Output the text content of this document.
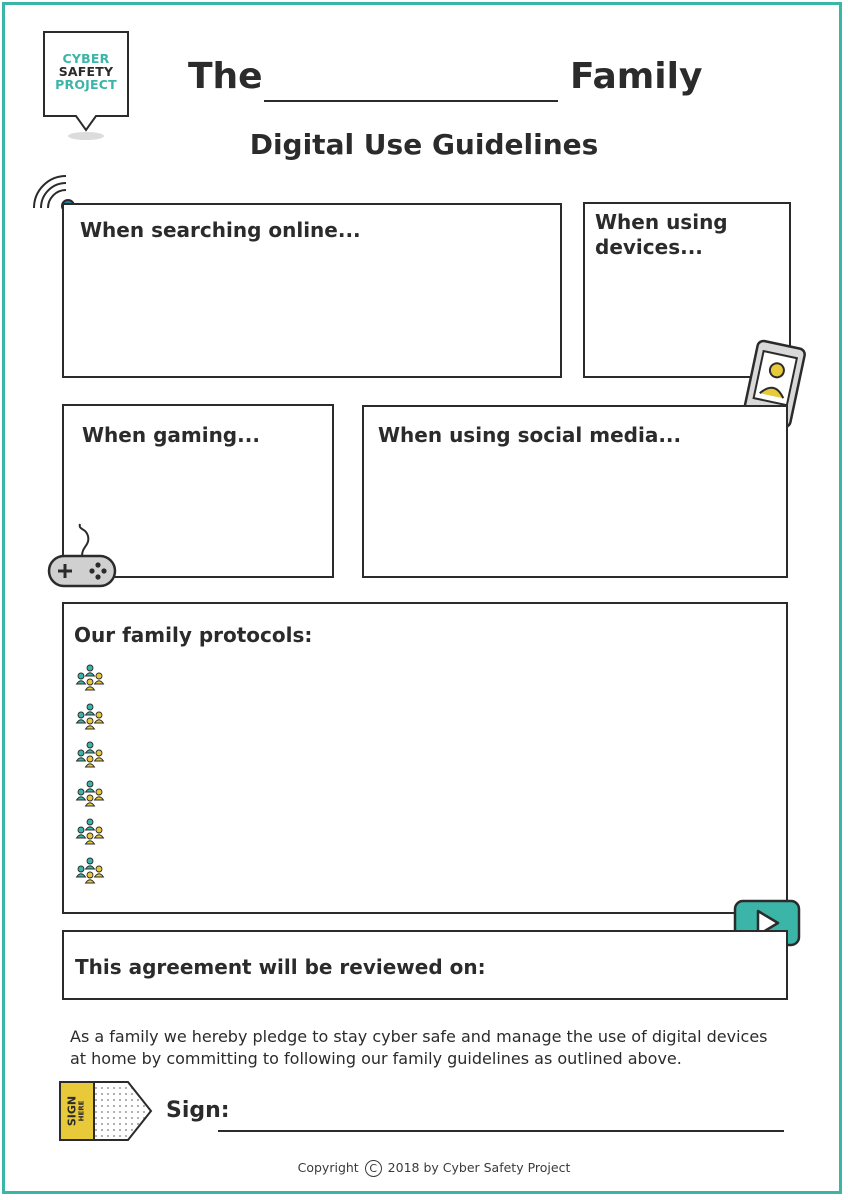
CYBER
SAFETY
PROJECT	The	Family
Digital Use Guidelines
When searching online...	When using
devices...
When gaming...	When using social media...
Our family protocols:
This agreement will be reviewed on:
As a family we hereby pledge to stay cyber safe and manage the use of digital devices
at home by committing to following our family guidelines as outlined above.
SIGN HERE	Sign:
Copyright C 2018 by Cyber Safety Project
